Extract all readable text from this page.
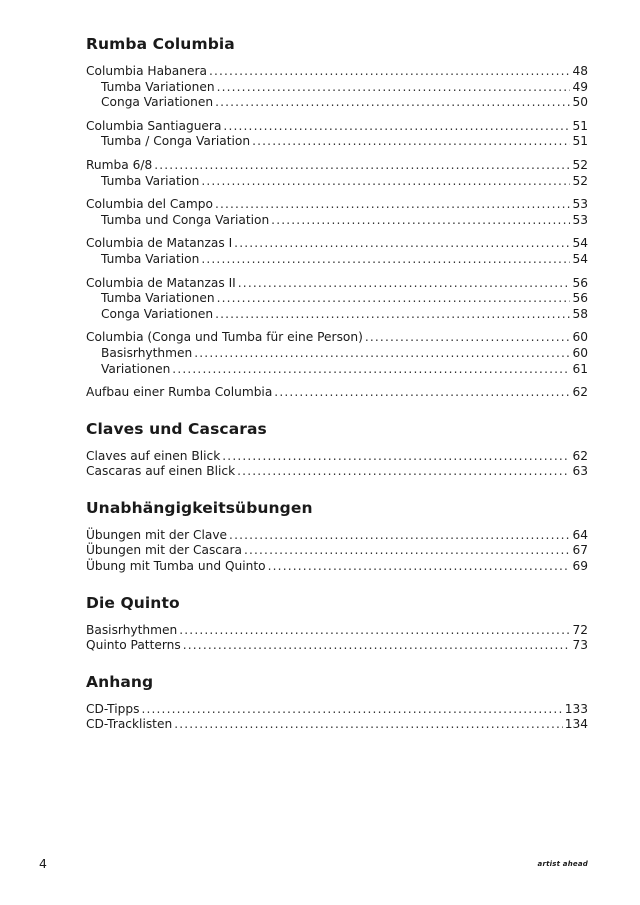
Rumba Columbia
Columbia Habanera .....	48
Tumba Variationen .....	49
Conga Variationen .....	50
Columbia Santiaguera .....	51
Tumba / Conga Variation .....	51
Rumba 6/8 .....	52
Tumba Variation .....	52
Columbia del Campo .....	53
Tumba und Conga Variation .....	53
Columbia de Matanzas I .....	54
Tumba Variation .....	54
Columbia de Matanzas II .....	56
Tumba Variationen .....	56
Conga Variationen .....	58
Columbia (Conga und Tumba für eine Person) .....	60
Basisrhythmen .....	60
Variationen .....	61
Aufbau einer Rumba Columbia .....	62
Claves und Cascaras
Claves auf einen Blick .....	62
Cascaras auf einen Blick .....	63
Unabhängigkeitsübungen
Übungen mit der Clave .....	64
Übungen mit der Cascara .....	67
Übung mit Tumba und Quinto .....	69
Die Quinto
Basisrhythmen .....	72
Quinto Patterns .....	73
Anhang
CD-Tipps .....	133
CD-Tracklisten .....	134
4	artist ahead
